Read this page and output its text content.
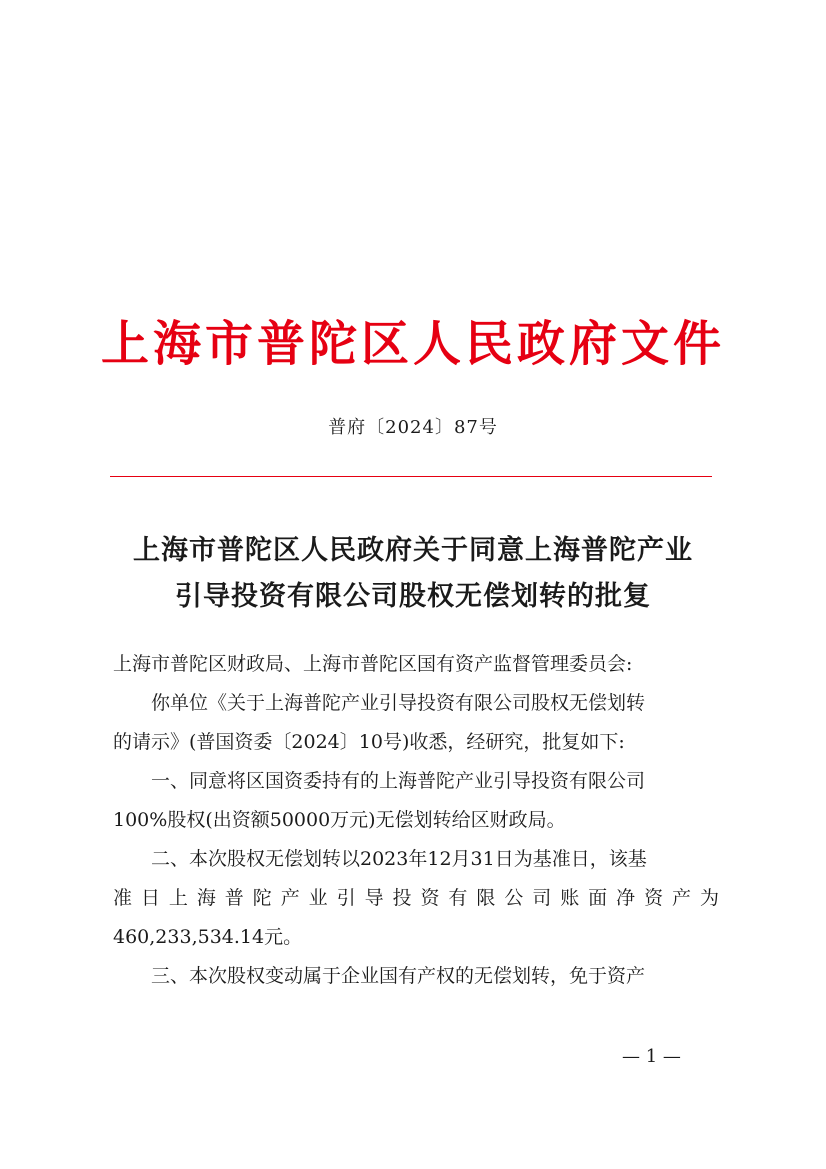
上海市普陀区人民政府文件
普府〔2024〕87号
上海市普陀区人民政府关于同意上海普陀产业
引导投资有限公司股权无偿划转的批复
上海市普陀区财政局、上海市普陀区国有资产监督管理委员会:
你单位《关于上海普陀产业引导投资有限公司股权无偿划转
的请示》(普国资委〔2024〕10号)收悉，经研究，批复如下:
一、同意将区国资委持有的上海普陀产业引导投资有限公司
100%股权(出资额50000万元)无偿划转给区财政局。
二、本次股权无偿划转以2023年12月31日为基准日，该基
准日上海普陀产业引导投资有限公司账面净资产为
460,233,534.14元。
三、本次股权变动属于企业国有产权的无偿划转，免于资产
— 1 —
